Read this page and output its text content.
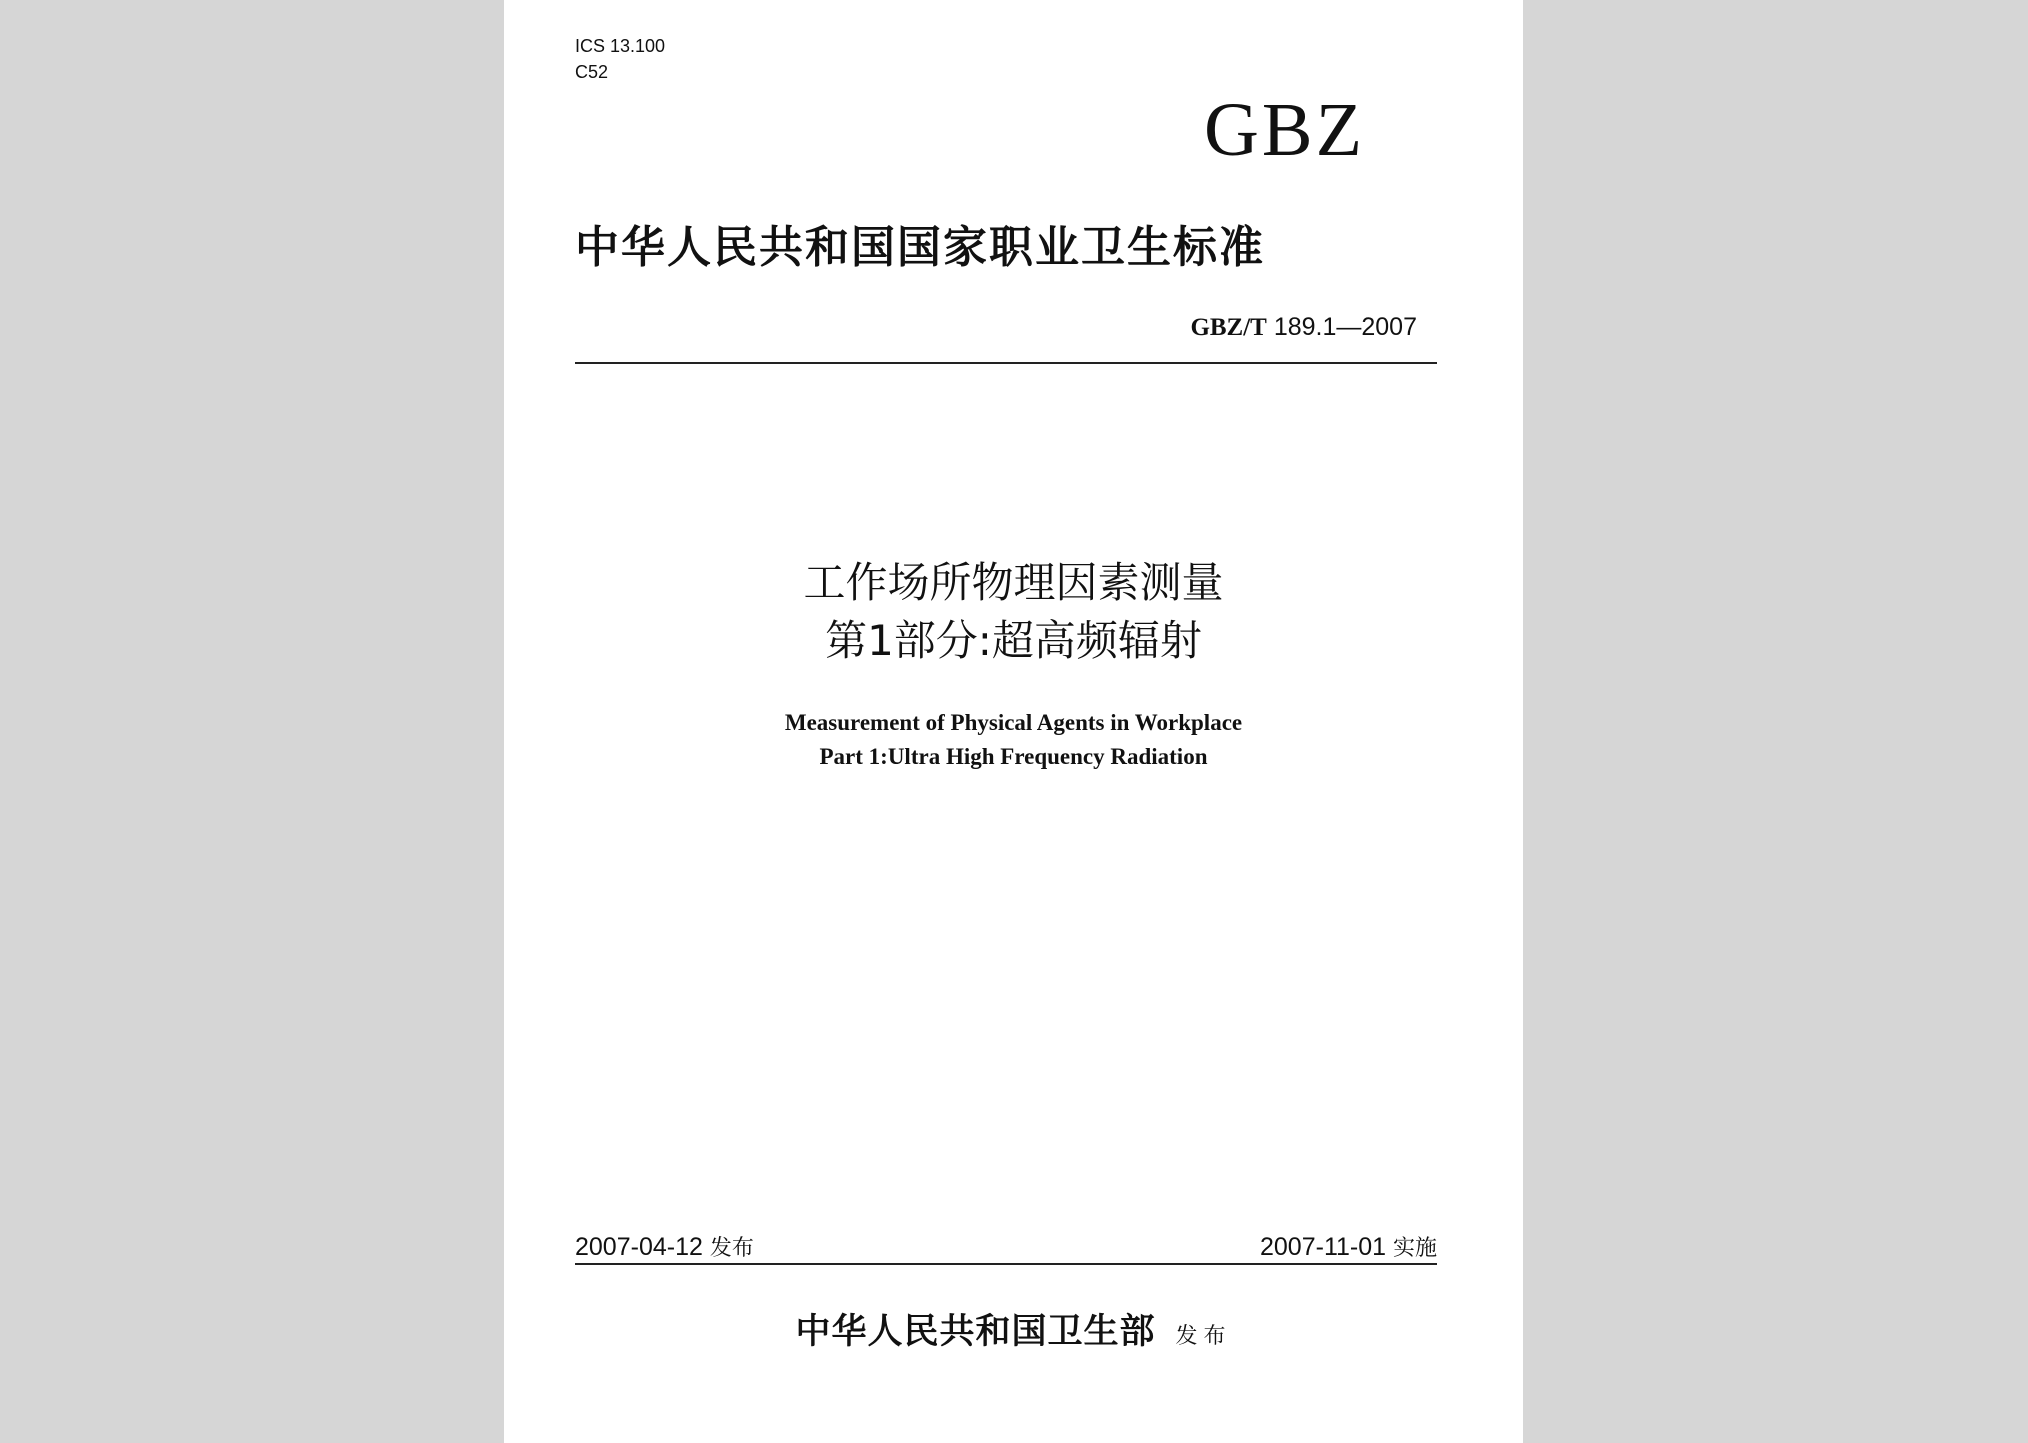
ICS 13.100
C52
GBZ
中华人民共和国国家职业卫生标准
GBZ/T 189.1—2007
工作场所物理因素测量
第1部分:超高频辐射
Measurement of Physical Agents in Workplace
Part 1:Ultra High Frequency Radiation
2007-04-12 发布	2007-11-01 实施
中华人民共和国卫生部 发布
